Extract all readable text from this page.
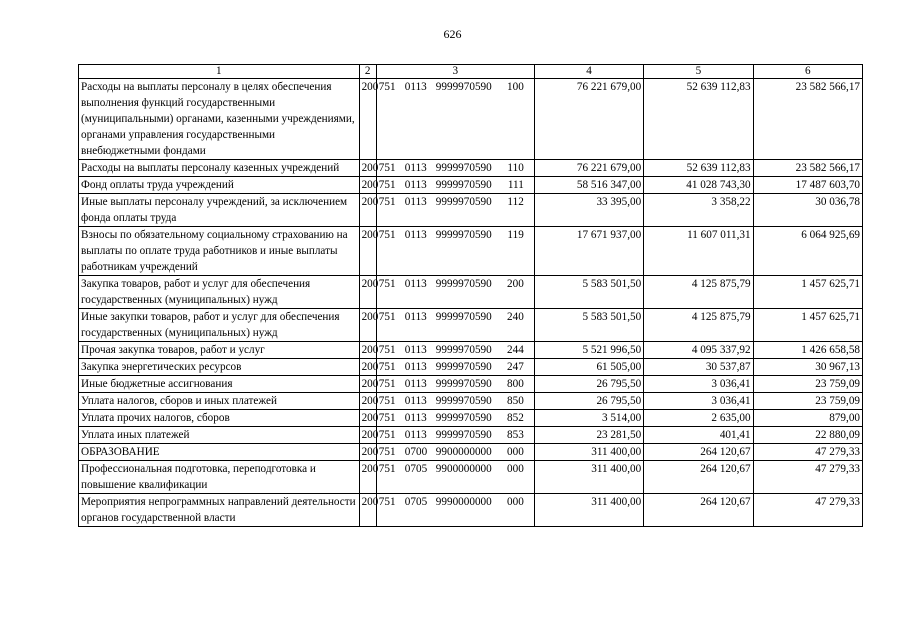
626
1	2	3	4	5	6
Расходы на выплаты персоналу в целях обеспечения выполнения функций государственными (муниципальными) органами, казенными учреждениями, органами управления государственными внебюджетными фондами	200	751 0113 9999970590 100	76 221 679,00	52 639 112,83	23 582 566,17
Расходы на выплаты персоналу казенных учреждений	200	751 0113 9999970590 110	76 221 679,00	52 639 112,83	23 582 566,17
Фонд оплаты труда учреждений	200	751 0113 9999970590 111	58 516 347,00	41 028 743,30	17 487 603,70
Иные выплаты персоналу учреждений, за исключением фонда оплаты труда	200	751 0113 9999970590 112	33 395,00	3 358,22	30 036,78
Взносы по обязательному социальному страхованию на выплаты по оплате труда работников и иные выплаты работникам учреждений	200	751 0113 9999970590 119	17 671 937,00	11 607 011,31	6 064 925,69
Закупка товаров, работ и услуг для обеспечения государственных (муниципальных) нужд	200	751 0113 9999970590 200	5 583 501,50	4 125 875,79	1 457 625,71
Иные закупки товаров, работ и услуг для обеспечения государственных (муниципальных) нужд	200	751 0113 9999970590 240	5 583 501,50	4 125 875,79	1 457 625,71
Прочая закупка товаров, работ и услуг	200	751 0113 9999970590 244	5 521 996,50	4 095 337,92	1 426 658,58
Закупка энергетических ресурсов	200	751 0113 9999970590 247	61 505,00	30 537,87	30 967,13
Иные бюджетные ассигнования	200	751 0113 9999970590 800	26 795,50	3 036,41	23 759,09
Уплата налогов, сборов и иных платежей	200	751 0113 9999970590 850	26 795,50	3 036,41	23 759,09
Уплата прочих налогов, сборов	200	751 0113 9999970590 852	3 514,00	2 635,00	879,00
Уплата иных платежей	200	751 0113 9999970590 853	23 281,50	401,41	22 880,09
ОБРАЗОВАНИЕ	200	751 0700 9900000000 000	311 400,00	264 120,67	47 279,33
Профессиональная подготовка, переподготовка и повышение квалификации	200	751 0705 9900000000 000	311 400,00	264 120,67	47 279,33
Мероприятия непрограммных направлений деятельности органов государственной власти	200	751 0705 9990000000 000	311 400,00	264 120,67	47 279,33
